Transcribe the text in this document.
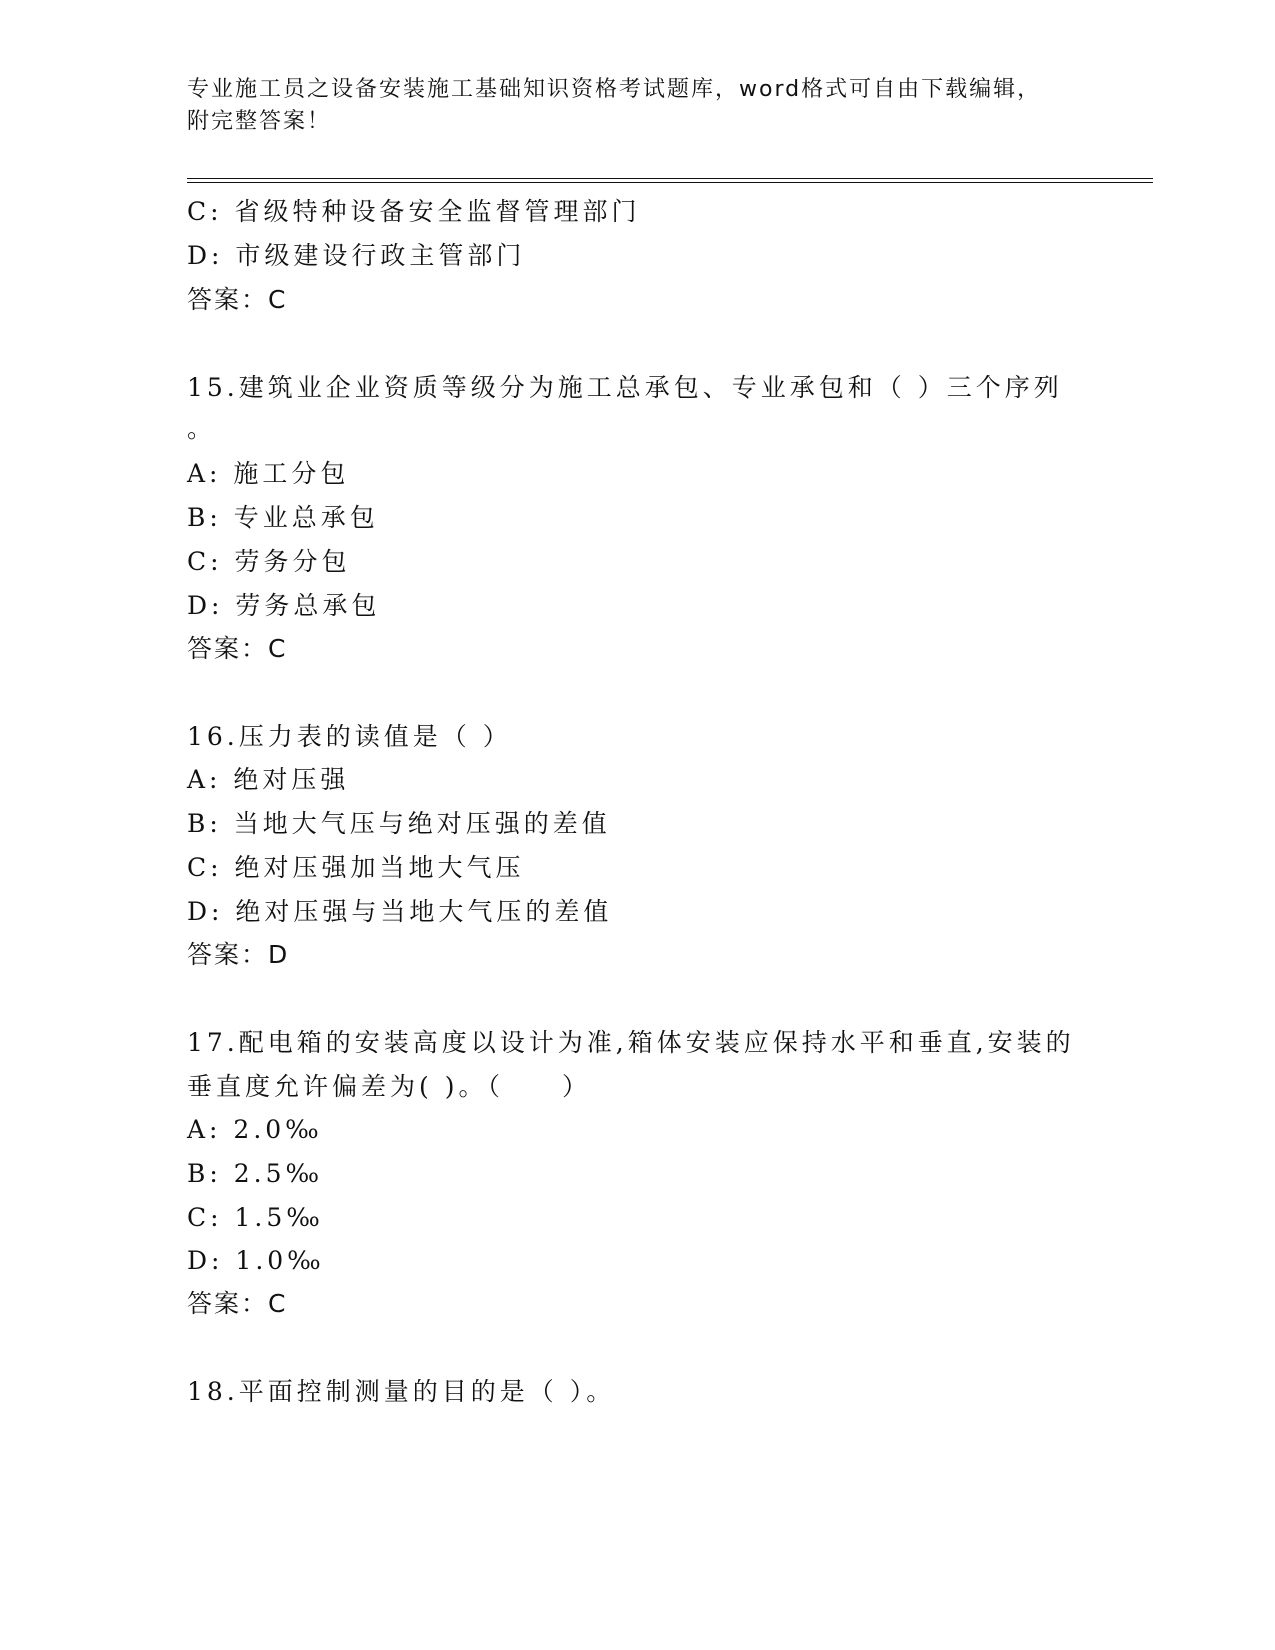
专业施工员之设备安装施工基础知识资格考试题库，word格式可自由下载编辑，
附完整答案！
C: 省级特种设备安全监督管理部门
D: 市级建设行政主管部门
答案：C
15.建筑业企业资质等级分为施工总承包、专业承包和（ ）三个序列
。
A: 施工分包
B: 专业总承包
C: 劳务分包
D: 劳务总承包
答案：C
16.压力表的读值是（ ）
A: 绝对压强
B: 当地大气压与绝对压强的差值
C: 绝对压强加当地大气压
D: 绝对压强与当地大气压的差值
答案：D
17.配电箱的安装高度以设计为准,箱体安装应保持水平和垂直,安装的
垂直度允许偏差为( )。（　　）
A: 2.0‰
B: 2.5‰
C: 1.5‰
D: 1.0‰
答案：C
18.平面控制测量的目的是（ ）。
